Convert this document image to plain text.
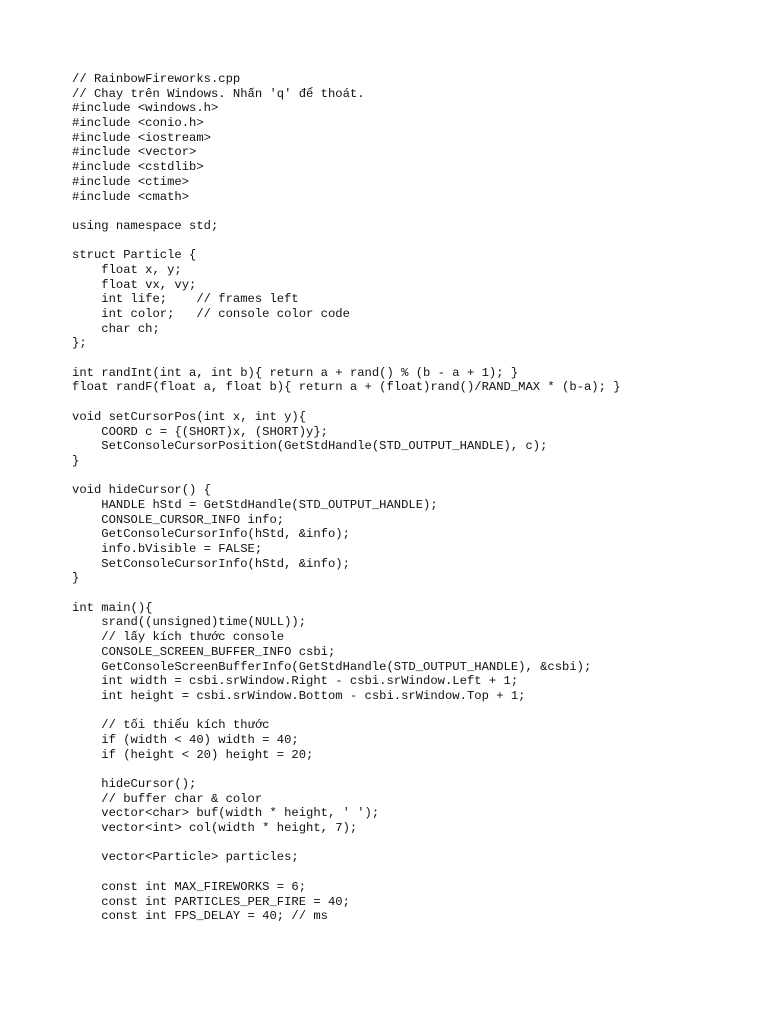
// RainbowFireworks.cpp
// Chay trên Windows. Nhấn 'q' để thoát.
#include <windows.h>
#include <conio.h>
#include <iostream>
#include <vector>
#include <cstdlib>
#include <ctime>
#include <cmath>
using namespace std;
struct Particle {
float x, y;
float vx, vy;
int life;    // frames left
int color;   // console color code
char ch;
};
int randInt(int a, int b){ return a + rand() % (b - a + 1); }
float randF(float a, float b){ return a + (float)rand()/RAND_MAX * (b-a); }
void setCursorPos(int x, int y){
COORD c = {(SHORT)x, (SHORT)y};
SetConsoleCursorPosition(GetStdHandle(STD_OUTPUT_HANDLE), c);
}
void hideCursor() {
HANDLE hStd = GetStdHandle(STD_OUTPUT_HANDLE);
CONSOLE_CURSOR_INFO info;
GetConsoleCursorInfo(hStd, &info);
info.bVisible = FALSE;
SetConsoleCursorInfo(hStd, &info);
}
int main(){
srand((unsigned)time(NULL));
// lấy kích thước console
CONSOLE_SCREEN_BUFFER_INFO csbi;
GetConsoleScreenBufferInfo(GetStdHandle(STD_OUTPUT_HANDLE), &csbi);
int width = csbi.srWindow.Right - csbi.srWindow.Left + 1;
int height = csbi.srWindow.Bottom - csbi.srWindow.Top + 1;
// tối thiểu kích thước
if (width < 40) width = 40;
if (height < 20) height = 20;
hideCursor();
// buffer char & color
vector<char> buf(width * height, ' ');
vector<int> col(width * height, 7);
vector<Particle> particles;
const int MAX_FIREWORKS = 6;
const int PARTICLES_PER_FIRE = 40;
const int FPS_DELAY = 40; // ms
